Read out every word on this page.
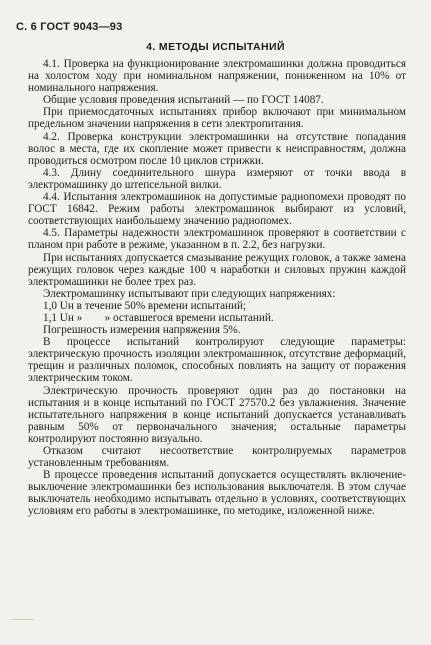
С. 6 ГОСТ 9043—93
4. МЕТОДЫ ИСПЫТАНИЙ

4.1. Проверка на функционирование электромашинки должна проводиться на холостом ходу при номинальном напряжении, пониженном на 10% от номинального напряжения.

Общие условия проведения испытаний — по ГОСТ 14087.

При приемосдаточных испытаниях прибор включают при минимальном предельном значении напряжения в сети электропитания.

4.2. Проверка конструкции электромашинки на отсутствие попадания волос в места, где их скопление может привести к неисправностям, должна проводиться осмотром после 10 циклов стрижки.

4.3. Длину соединительного шнура измеряют от точки ввода в электромашинку до штепсельной вилки.

4.4. Испытания электромашинок на допустимые радиопомехи проводят по ГОСТ 16842. Режим работы электромашинок выбирают из условий, соответствующих наибольшему значению радиопомех.

4.5. Параметры надежности электромашинок проверяют в соответствии с планом при работе в режиме, указанном в п. 2.2, без нагрузки.

При испытаниях допускается смазывание режущих головок, а также замена режущих головок через каждые 100 ч наработки и силовых пружин каждой электромашинки не более трех раз.

Электромашинку испытывают при следующих напряжениях:

1,0 Uн в течение 50% времени испытаний;

1,1 Uн »        » оставшегося времени испытаний.

Погрешность измерения напряжения 5%.

В процессе испытаний контролируют следующие параметры: электрическую прочность изоляции электромашинок, отсутствие деформаций, трещин и различных поломок, способных повлиять на защиту от поражения электрическим током.

Электрическую прочность проверяют один раз до постановки на испытания и в конце испытаний по ГОСТ 27570.2 без увлажнения. Значение испытательного напряжения в конце испытаний допускается устанавливать равным 50% от первоначального значения; остальные параметры контролируют постоянно визуально.

Отказом считают несоответствие контролируемых параметров установленным требованиям.

В процессе проведения испытаний допускается осуществлять включение-выключение электромашинки без использования выключателя. В этом случае выключатель необходимо испытывать отдельно в условиях, соответствующих условиям его работы в электромашинке, по методике, изложенной ниже.
